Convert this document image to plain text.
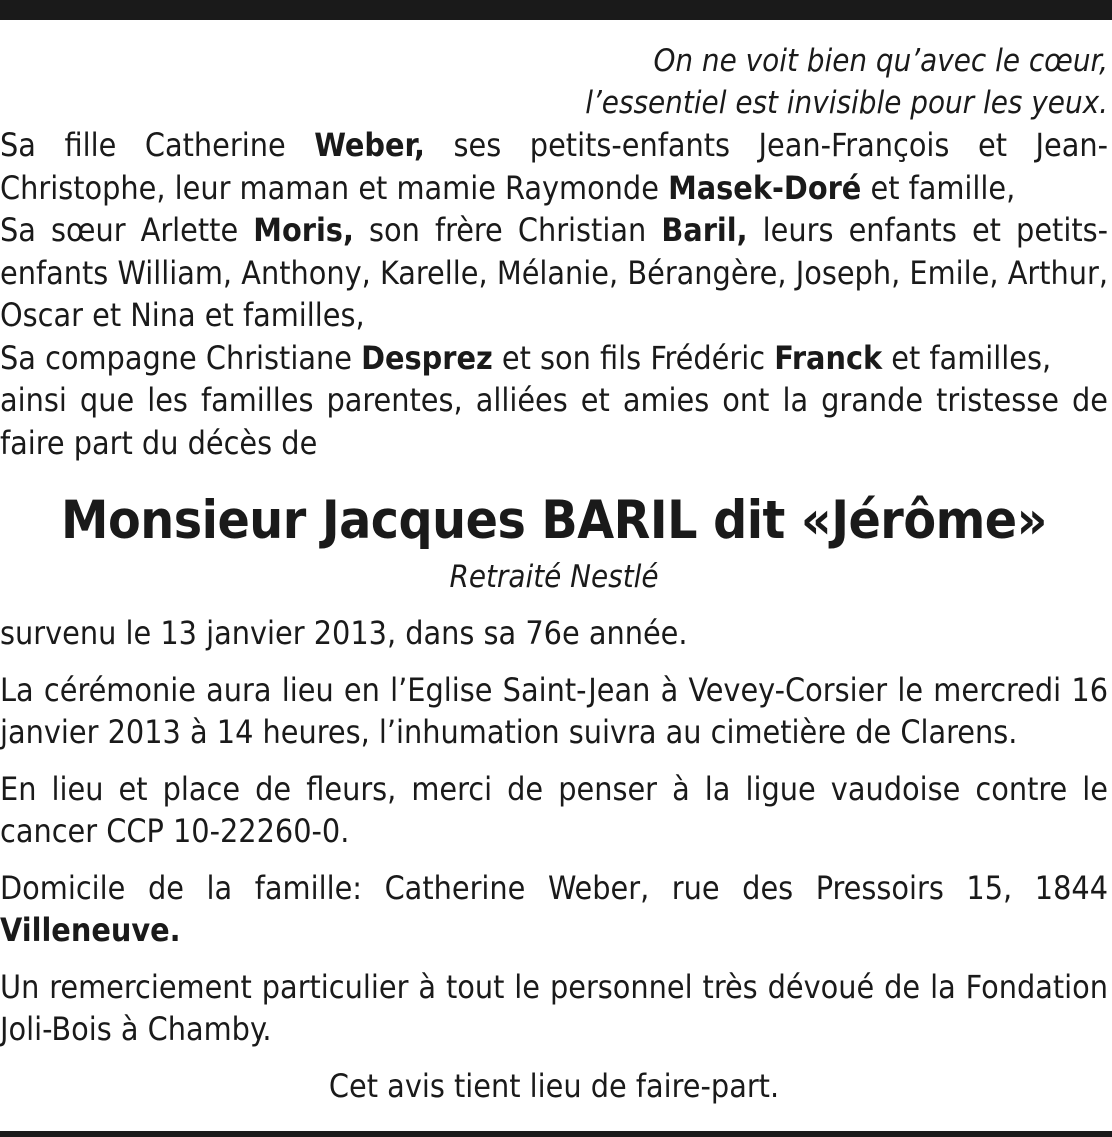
On ne voit bien qu’avec le cœur,
l’essentiel est invisible pour les yeux.

Sa fille Catherine Weber, ses petits-enfants Jean-François et Jean-Christophe, leur maman et mamie Raymonde Masek-Doré et famille,

Sa sœur Arlette Moris, son frère Christian Baril, leurs enfants et petits-enfants William, Anthony, Karelle, Mélanie, Bérangère, Joseph, Emile, Arthur, Oscar et Nina et familles,

Sa compagne Christiane Desprez et son fils Frédéric Franck et familles,

ainsi que les familles parentes, alliées et amies ont la grande tristesse de faire part du décès de

Monsieur Jacques BARIL dit «Jérôme»
Retraité Nestlé

survenu le 13 janvier 2013, dans sa 76e année.

La cérémonie aura lieu en l’Eglise Saint-Jean à Vevey-Corsier le mercredi 16 janvier 2013 à 14 heures, l’inhumation suivra au cimetière de Clarens.

En lieu et place de fleurs, merci de penser à la ligue vaudoise contre le cancer CCP 10-22260-0.

Domicile de la famille: Catherine Weber, rue des Pressoirs 15, 1844 Villeneuve.

Un remerciement particulier à tout le personnel très dévoué de la Fondation Joli-Bois à Chamby.

Cet avis tient lieu de faire-part.
